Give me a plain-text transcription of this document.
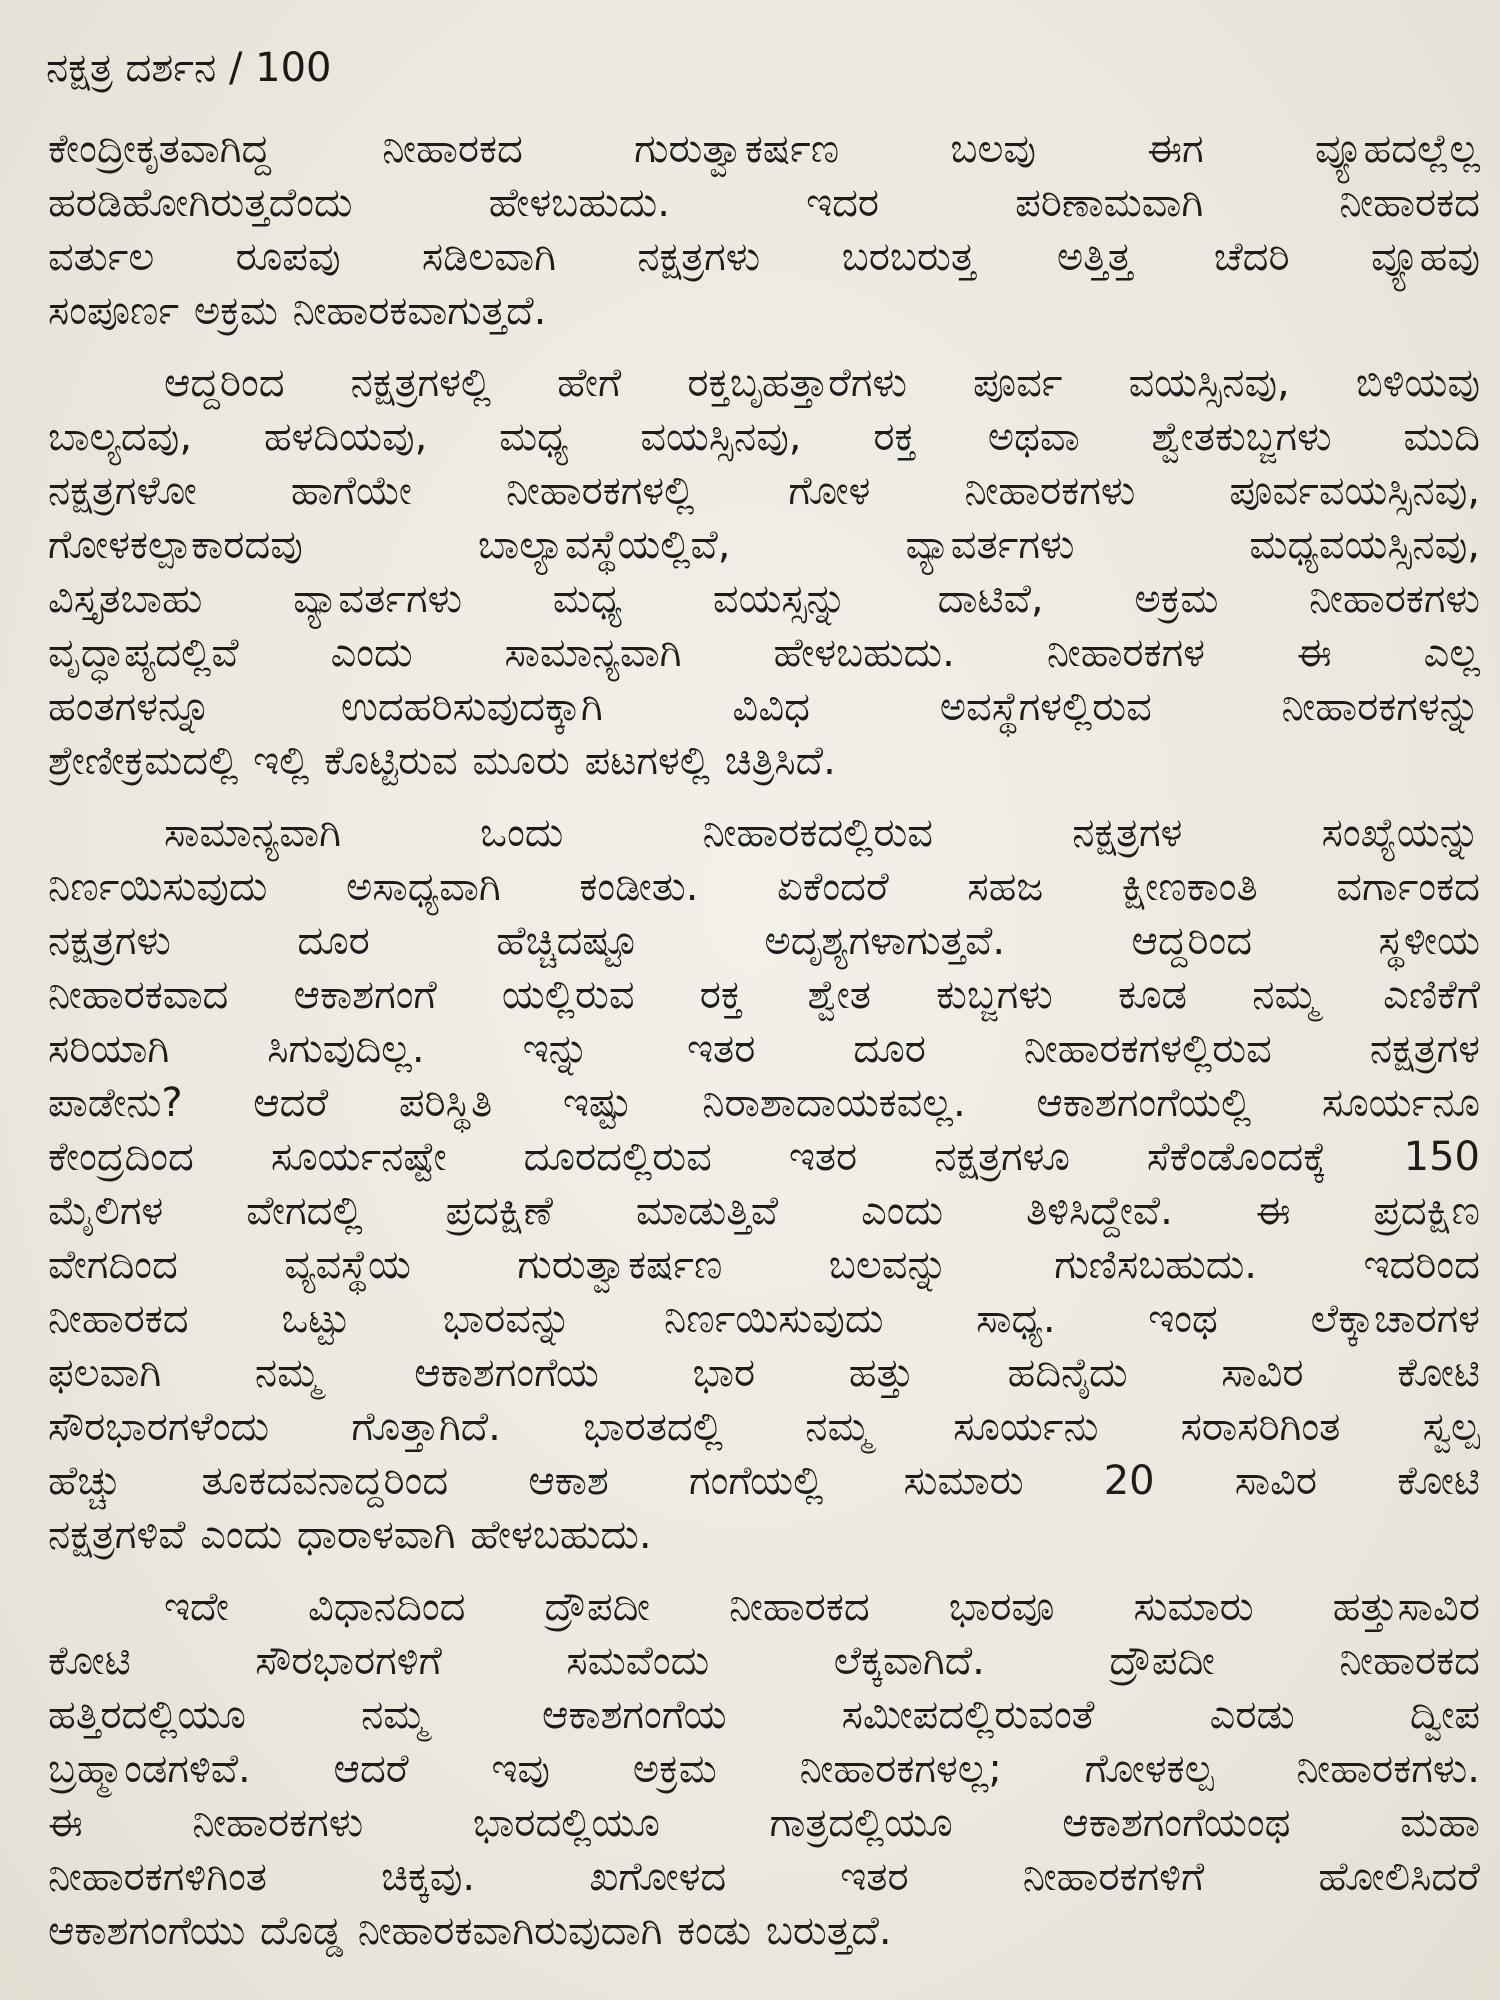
ನಕ್ಷತ್ರ ದರ್ಶನ / 100
ಕೇಂದ್ರೀಕೃತವಾಗಿದ್ದ ನೀಹಾರಕದ ಗುರುತ್ವಾಕರ್ಷಣ ಬಲವು ಈಗ ವ್ಯೂಹದಲ್ಲೆಲ್ಲ
ಹರಡಿಹೋಗಿರುತ್ತದೆಂದು ಹೇಳಬಹುದು. ಇದರ ಪರಿಣಾಮವಾಗಿ ನೀಹಾರಕದ
ವರ್ತುಲ ರೂಪವು ಸಡಿಲವಾಗಿ ನಕ್ಷತ್ರಗಳು ಬರಬರುತ್ತ ಅತ್ತಿತ್ತ ಚೆದರಿ ವ್ಯೂಹವು
ಸಂಪೂರ್ಣ ಅಕ್ರಮ ನೀಹಾರಕವಾಗುತ್ತದೆ.
ಆದ್ದರಿಂದ ನಕ್ಷತ್ರಗಳಲ್ಲಿ ಹೇಗೆ ರಕ್ತಬೃಹತ್ತಾರೆಗಳು ಪೂರ್ವ ವಯಸ್ಸಿನವು, ಬಿಳಿಯವು
ಬಾಲ್ಯದವು, ಹಳದಿಯವು, ಮಧ್ಯ ವಯಸ್ಸಿನವು, ರಕ್ತ ಅಥವಾ ಶ್ವೇತಕುಬ್ಜಗಳು ಮುದಿ
ನಕ್ಷತ್ರಗಳೋ ಹಾಗೆಯೇ ನೀಹಾರಕಗಳಲ್ಲಿ ಗೋಳ ನೀಹಾರಕಗಳು ಪೂರ್ವವಯಸ್ಸಿನವು,
ಗೋಳಕಲ್ಪಾಕಾರದವು ಬಾಲ್ಯಾವಸ್ಥೆಯಲ್ಲಿವೆ, ವ್ಯಾವರ್ತಗಳು ಮಧ್ಯವಯಸ್ಸಿನವು,
ವಿಸ್ತೃತಬಾಹು ವ್ಯಾವರ್ತಗಳು ಮಧ್ಯ ವಯಸ್ಸನ್ನು ದಾಟಿವೆ, ಅಕ್ರಮ ನೀಹಾರಕಗಳು
ವೃದ್ಧಾಪ್ಯದಲ್ಲಿವೆ ಎಂದು ಸಾಮಾನ್ಯವಾಗಿ ಹೇಳಬಹುದು. ನೀಹಾರಕಗಳ ಈ ಎಲ್ಲ
ಹಂತಗಳನ್ನೂ ಉದಹರಿಸುವುದಕ್ಕಾಗಿ ವಿವಿಧ ಅವಸ್ಥೆಗಳಲ್ಲಿರುವ ನೀಹಾರಕಗಳನ್ನು
ಶ್ರೇಣೀಕ್ರಮದಲ್ಲಿ ಇಲ್ಲಿ ಕೊಟ್ಟಿರುವ ಮೂರು ಪಟಗಳಲ್ಲಿ ಚಿತ್ರಿಸಿದೆ.
ಸಾಮಾನ್ಯವಾಗಿ ಒಂದು ನೀಹಾರಕದಲ್ಲಿರುವ ನಕ್ಷತ್ರಗಳ ಸಂಖ್ಯೆಯನ್ನು
ನಿರ್ಣಯಿಸುವುದು ಅಸಾಧ್ಯವಾಗಿ ಕಂಡೀತು. ಏಕೆಂದರೆ ಸಹಜ ಕ್ಷೀಣಕಾಂತಿ ವರ್ಗಾಂಕದ
ನಕ್ಷತ್ರಗಳು ದೂರ ಹೆಚ್ಚಿದಷ್ಟೂ ಅದೃಶ್ಯಗಳಾಗುತ್ತವೆ. ಆದ್ದರಿಂದ ಸ್ಥಳೀಯ
ನೀಹಾರಕವಾದ ಆಕಾಶಗಂಗೆ ಯಲ್ಲಿರುವ ರಕ್ತ ಶ್ವೇತ ಕುಬ್ಜಗಳು ಕೂಡ ನಮ್ಮ ಎಣಿಕೆಗೆ
ಸರಿಯಾಗಿ ಸಿಗುವುದಿಲ್ಲ. ಇನ್ನು ಇತರ ದೂರ ನೀಹಾರಕಗಳಲ್ಲಿರುವ ನಕ್ಷತ್ರಗಳ
ಪಾಡೇನು? ಆದರೆ ಪರಿಸ್ಥಿತಿ ಇಷ್ಟು ನಿರಾಶಾದಾಯಕವಲ್ಲ. ಆಕಾಶಗಂಗೆಯಲ್ಲಿ ಸೂರ್ಯನೂ
ಕೇಂದ್ರದಿಂದ ಸೂರ್ಯನಷ್ಟೇ ದೂರದಲ್ಲಿರುವ ಇತರ ನಕ್ಷತ್ರಗಳೂ ಸೆಕೆಂಡೊಂದಕ್ಕೆ 150
ಮೈಲಿಗಳ ವೇಗದಲ್ಲಿ ಪ್ರದಕ್ಷಿಣೆ ಮಾಡುತ್ತಿವೆ ಎಂದು ತಿಳಿಸಿದ್ದೇವೆ. ಈ ಪ್ರದಕ್ಷಿಣ
ವೇಗದಿಂದ ವ್ಯವಸ್ಥೆಯ ಗುರುತ್ವಾಕರ್ಷಣ ಬಲವನ್ನು ಗುಣಿಸಬಹುದು. ಇದರಿಂದ
ನೀಹಾರಕದ ಒಟ್ಟು ಭಾರವನ್ನು ನಿರ್ಣಯಿಸುವುದು ಸಾಧ್ಯ. ಇಂಥ ಲೆಕ್ಕಾಚಾರಗಳ
ಫಲವಾಗಿ ನಮ್ಮ ಆಕಾಶಗಂಗೆಯ ಭಾರ ಹತ್ತು ಹದಿನೈದು ಸಾವಿರ ಕೋಟಿ
ಸೌರಭಾರಗಳೆಂದು ಗೊತ್ತಾಗಿದೆ. ಭಾರತದಲ್ಲಿ ನಮ್ಮ ಸೂರ್ಯನು ಸರಾಸರಿಗಿಂತ ಸ್ವಲ್ಪ
ಹೆಚ್ಚು ತೂಕದವನಾದ್ದರಿಂದ ಆಕಾಶ ಗಂಗೆಯಲ್ಲಿ ಸುಮಾರು 20 ಸಾವಿರ ಕೋಟಿ
ನಕ್ಷತ್ರಗಳಿವೆ ಎಂದು ಧಾರಾಳವಾಗಿ ಹೇಳಬಹುದು.
ಇದೇ ವಿಧಾನದಿಂದ ದ್ರೌಪದೀ ನೀಹಾರಕದ ಭಾರವೂ ಸುಮಾರು ಹತ್ತುಸಾವಿರ
ಕೋಟಿ ಸೌರಭಾರಗಳಿಗೆ ಸಮವೆಂದು ಲೆಕ್ಕವಾಗಿದೆ. ದ್ರೌಪದೀ ನೀಹಾರಕದ
ಹತ್ತಿರದಲ್ಲಿಯೂ ನಮ್ಮ ಆಕಾಶಗಂಗೆಯ ಸಮೀಪದಲ್ಲಿರುವಂತೆ ಎರಡು ದ್ವೀಪ
ಬ್ರಹ್ಮಾಂಡಗಳಿವೆ. ಆದರೆ ಇವು ಅಕ್ರಮ ನೀಹಾರಕಗಳಲ್ಲ; ಗೋಳಕಲ್ಪ ನೀಹಾರಕಗಳು.
ಈ ನೀಹಾರಕಗಳು ಭಾರದಲ್ಲಿಯೂ ಗಾತ್ರದಲ್ಲಿಯೂ ಆಕಾಶಗಂಗೆಯಂಥ ಮಹಾ
ನೀಹಾರಕಗಳಿಗಿಂತ ಚಿಕ್ಕವು. ಖಗೋಳದ ಇತರ ನೀಹಾರಕಗಳಿಗೆ ಹೋಲಿಸಿದರೆ
ಆಕಾಶಗಂಗೆಯು ದೊಡ್ಡ ನೀಹಾರಕವಾಗಿರುವುದಾಗಿ ಕಂಡು ಬರುತ್ತದೆ.
